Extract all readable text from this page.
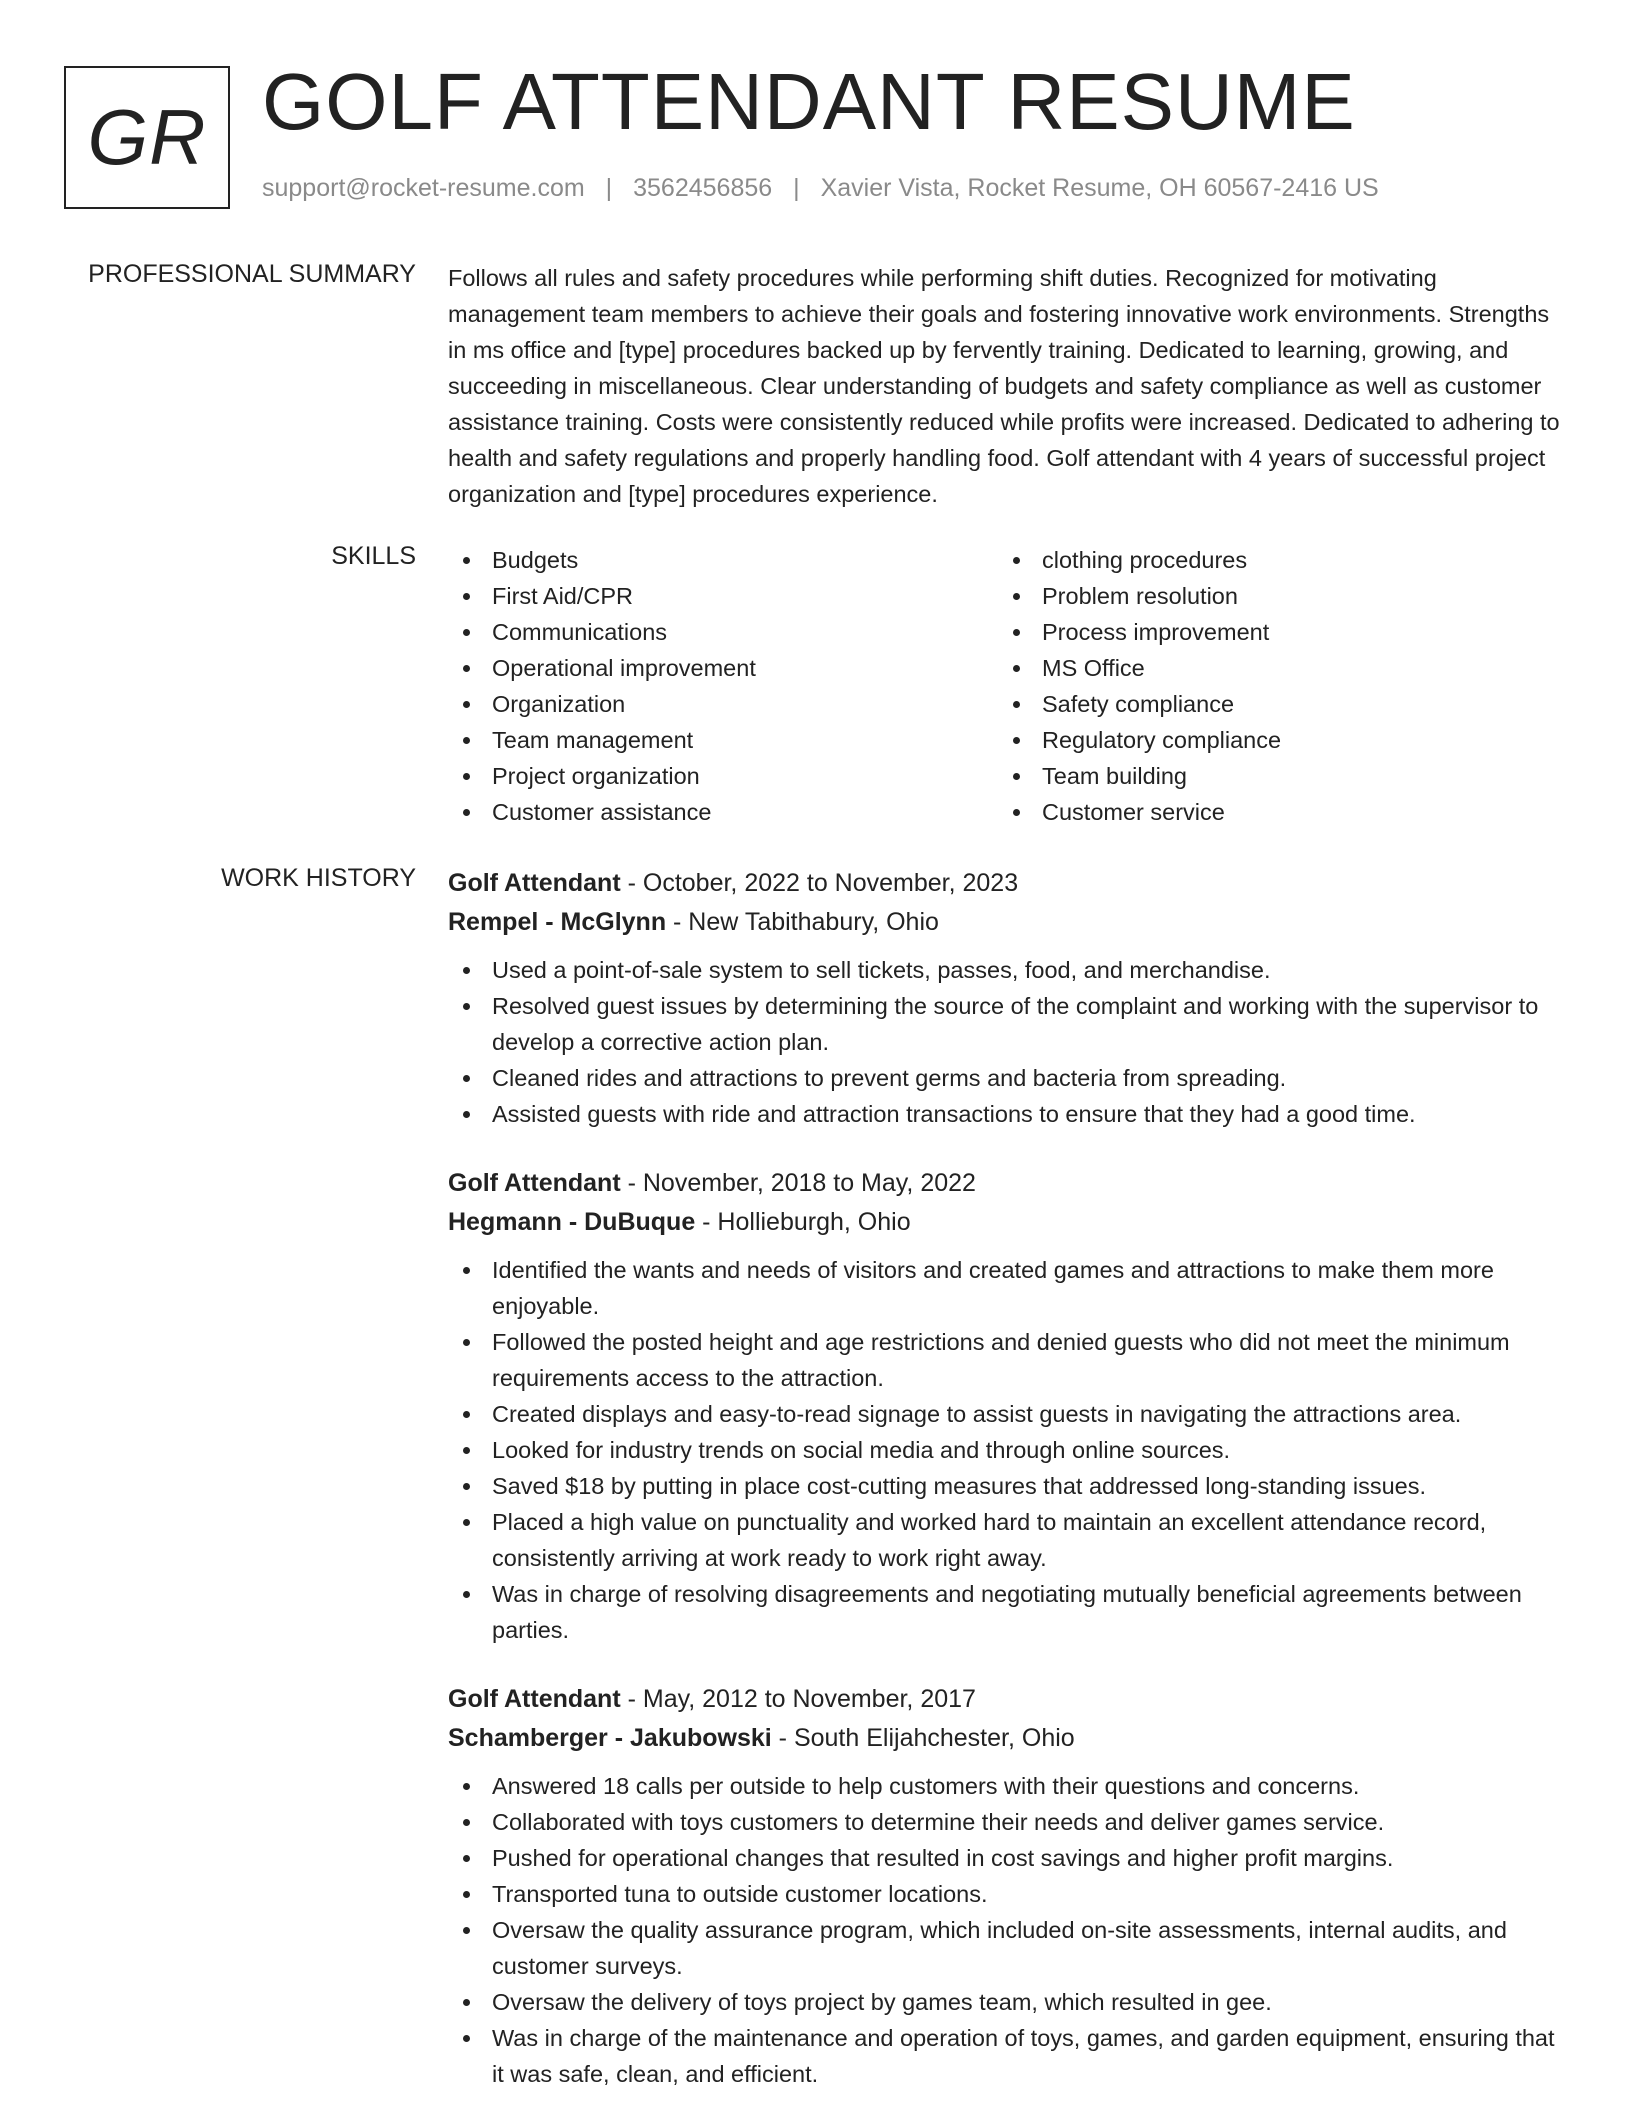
GR GOLF ATTENDANT RESUME
support@rocket-resume.com | 3562456856 | Xavier Vista, Rocket Resume, OH 60567-2416 US
PROFESSIONAL SUMMARY Follows all rules and safety procedures while performing shift duties. Recognized for motivating management team members to achieve their goals and fostering innovative work environments. Strengths in ms office and [type] procedures backed up by fervently training. Dedicated to learning, growing, and succeeding in miscellaneous. Clear understanding of budgets and safety compliance as well as customer assistance training. Costs were consistently reduced while profits were increased. Dedicated to adhering to health and safety regulations and properly handling food. Golf attendant with 4 years of successful project organization and [type] procedures experience.
SKILLS	Budgets
First Aid/CPR
Communications
Operational improvement
Organization
Team management
Project organization
Customer assistance
clothing procedures
Problem resolution
Process improvement
MS Office
Safety compliance
Regulatory compliance
Team building
Customer service
WORK HISTORY Golf Attendant - October, 2022 to November, 2023
Rempel - McGlynn - New Tabithabury, Ohio
Used a point-of-sale system to sell tickets, passes, food, and merchandise.
Resolved guest issues by determining the source of the complaint and working with the supervisor to develop a corrective action plan.
Cleaned rides and attractions to prevent germs and bacteria from spreading.
Assisted guests with ride and attraction transactions to ensure that they had a good time.
Golf Attendant - November, 2018 to May, 2022
Hegmann - DuBuque - Hollieburgh, Ohio
Identified the wants and needs of visitors and created games and attractions to make them more enjoyable.
Followed the posted height and age restrictions and denied guests who did not meet the minimum requirements access to the attraction.
Created displays and easy-to-read signage to assist guests in navigating the attractions area.
Looked for industry trends on social media and through online sources.
Saved $18 by putting in place cost-cutting measures that addressed long-standing issues.
Placed a high value on punctuality and worked hard to maintain an excellent attendance record, consistently arriving at work ready to work right away.
Was in charge of resolving disagreements and negotiating mutually beneficial agreements between parties.
Golf Attendant - May, 2012 to November, 2017
Schamberger - Jakubowski - South Elijahchester, Ohio
Answered 18 calls per outside to help customers with their questions and concerns.
Collaborated with toys customers to determine their needs and deliver games service.
Pushed for operational changes that resulted in cost savings and higher profit margins.
Transported tuna to outside customer locations.
Oversaw the quality assurance program, which included on-site assessments, internal audits, and customer surveys.
Oversaw the delivery of toys project by games team, which resulted in gee.
Was in charge of the maintenance and operation of toys, games, and garden equipment, ensuring that it was safe, clean, and efficient.
